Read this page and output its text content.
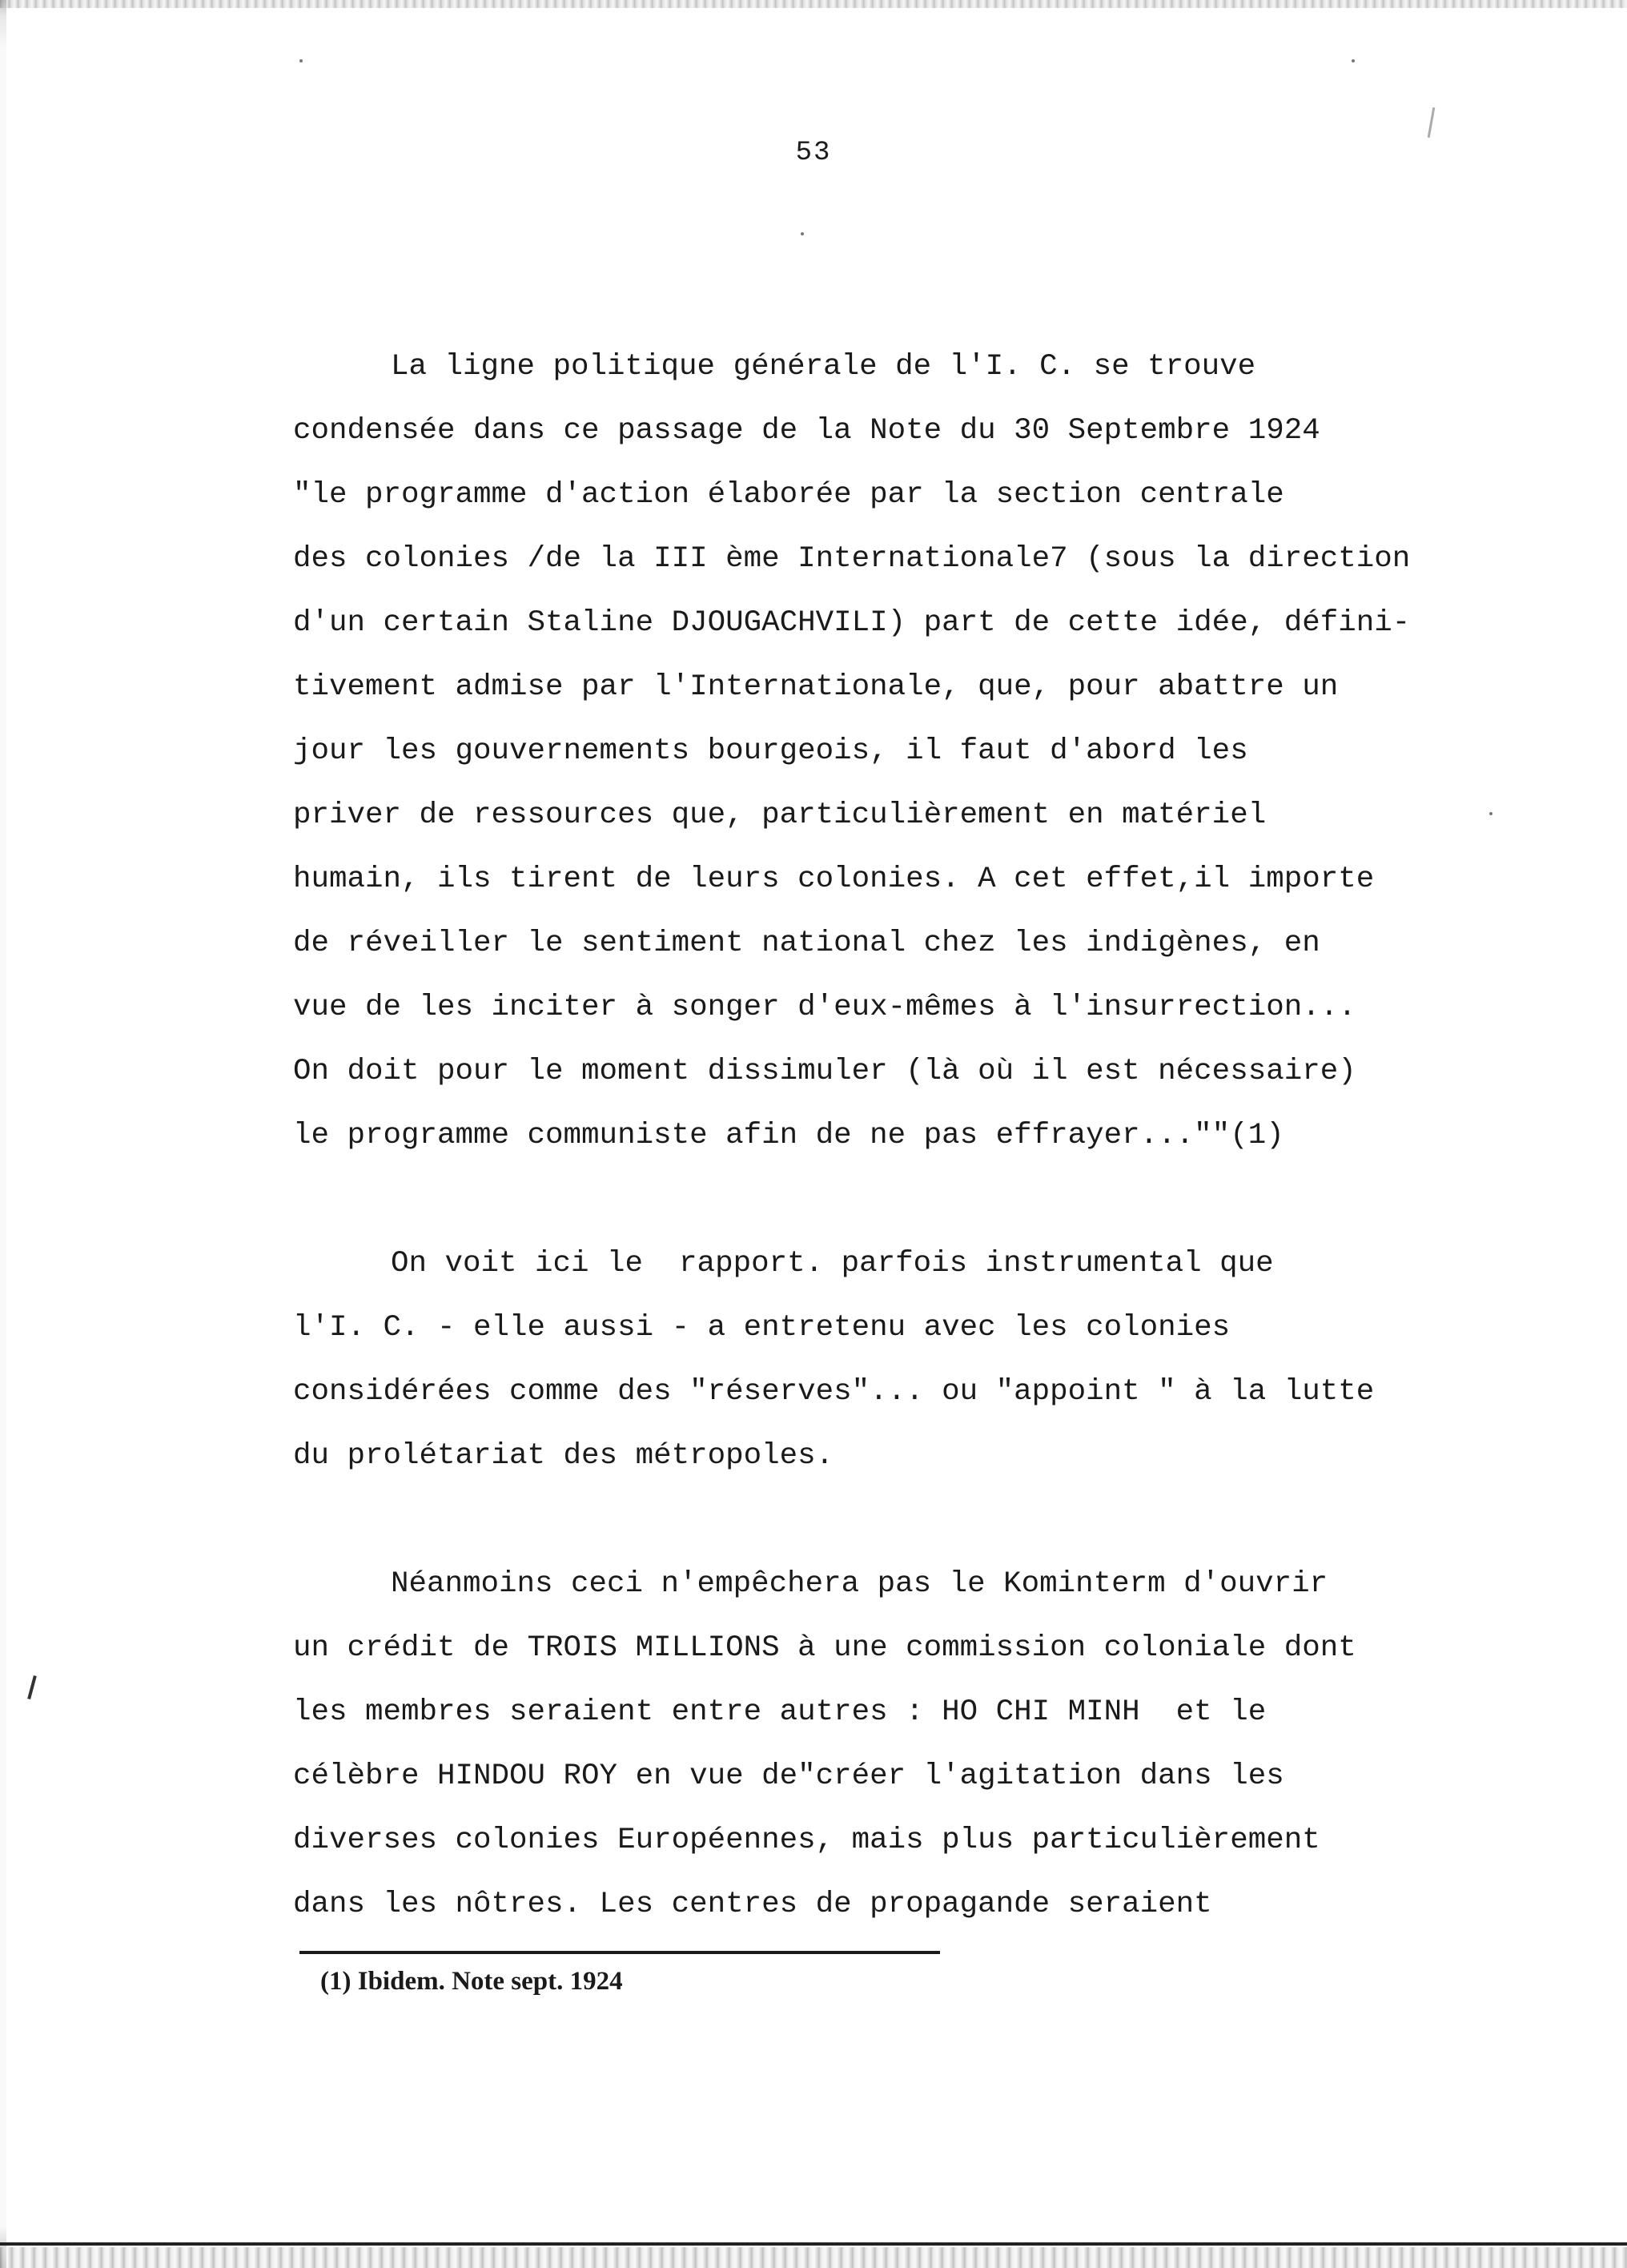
53
La ligne politique générale de l'I. C. se trouve
condensée dans ce passage de la Note du 30 Septembre 1924
"le programme d'action élaborée par la section centrale
des colonies /de la III ème Internationale7 (sous la direction
d'un certain Staline DJOUGACHVILI) part de cette idée, défini-
tivement admise par l'Internationale, que, pour abattre un
jour les gouvernements bourgeois, il faut d'abord les
priver de ressources que, particulièrement en matériel
humain, ils tirent de leurs colonies. A cet effet,il importe
de réveiller le sentiment national chez les indigènes, en
vue de les inciter à songer d'eux-mêmes à l'insurrection...
On doit pour le moment dissimuler (là où il est nécessaire)
le programme communiste afin de ne pas effrayer...""(1)
On voit ici le  rapport. parfois instrumental que
l'I. C. - elle aussi - a entretenu avec les colonies
considérées comme des "réserves"... ou "appoint " à la lutte
du prolétariat des métropoles.
Néanmoins ceci n'empêchera pas le Kominterm d'ouvrir
un crédit de TROIS MILLIONS à une commission coloniale dont
les membres seraient entre autres : HO CHI MINH  et le
célèbre HINDOU ROY en vue de"créer l'agitation dans les
diverses colonies Européennes, mais plus particulièrement
dans les nôtres. Les centres de propagande seraient
(1) Ibidem. Note sept. 1924
